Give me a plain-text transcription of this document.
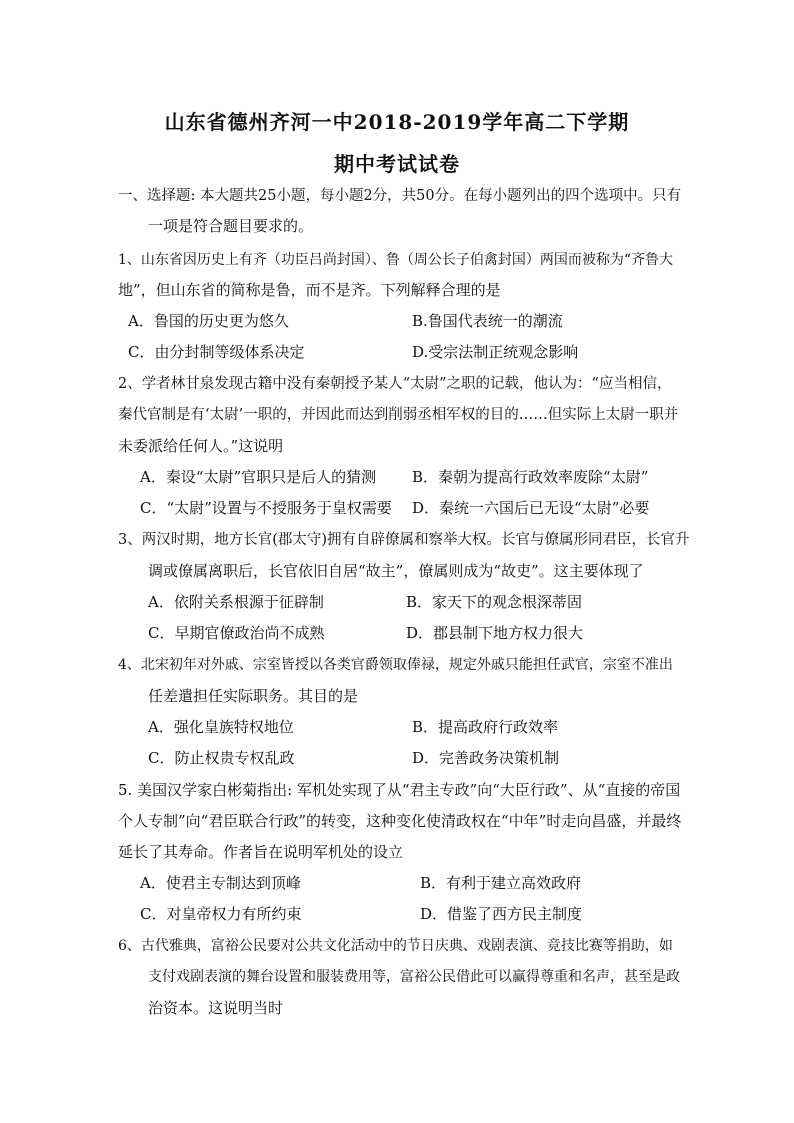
山东省德州齐河一中2018-2019学年高二下学期
期中考试试卷
一、选择题: 本大题共25小题，每小题2分，共50分。在每小题列出的四个选项中。只有
一项是符合题目要求的。
1、山东省因历史上有齐（功臣吕尚封国）、鲁（周公长子伯禽封国）两国而被称为“齐鲁大
地”，但山东省的简称是鲁，而不是齐。下列解释合理的是
A．鲁国的历史更为悠久	B.鲁国代表统一的潮流
C．由分封制等级体系决定	D.受宗法制正统观念影响
2、学者林甘泉发现古籍中没有秦朝授予某人“太尉”之职的记载，他认为：“应当相信，
秦代官制是有‘太尉’一职的，并因此而达到削弱丞相军权的目的……但实际上太尉一职并
未委派给任何人。”这说明
A．秦设“太尉”官职只是后人的猜测 B．秦朝为提高行政效率废除“太尉”
C．“太尉”设置与不授服务于皇权需要 D．秦统一六国后已无设“太尉”必要
3、两汉时期，地方长官(郡太守)拥有自辟僚属和察举大权。长官与僚属形同君臣，长官升
调或僚属离职后，长官依旧自居“故主”，僚属则成为“故吏”。这主要体现了
A．依附关系根源于征辟制	B．家天下的观念根深蒂固
C．早期官僚政治尚不成熟	D．郡县制下地方权力很大
4、北宋初年对外戚、宗室皆授以各类官爵领取俸禄，规定外戚只能担任武官，宗室不准出
任差遣担任实际职务。其目的是
A．强化皇族特权地位	B．提高政府行政效率
C．防止权贵专权乱政	D．完善政务决策机制
5. 美国汉学家白彬菊指出: 军机处实现了从“君主专政”向“大臣行政”、从“直接的帝国
个人专制”向“君臣联合行政”的转变，这种变化使清政权在“中年”时走向昌盛，并最终
延长了其寿命。作者旨在说明军机处的设立
A．使君主专制达到顶峰	B．有利于建立高效政府
C．对皇帝权力有所约束	D．借鉴了西方民主制度
6、古代雅典，富裕公民要对公共文化活动中的节日庆典、戏剧表演、竞技比赛等捐助，如
支付戏剧表演的舞台设置和服装费用等，富裕公民借此可以赢得尊重和名声，甚至是政
治资本。这说明当时
